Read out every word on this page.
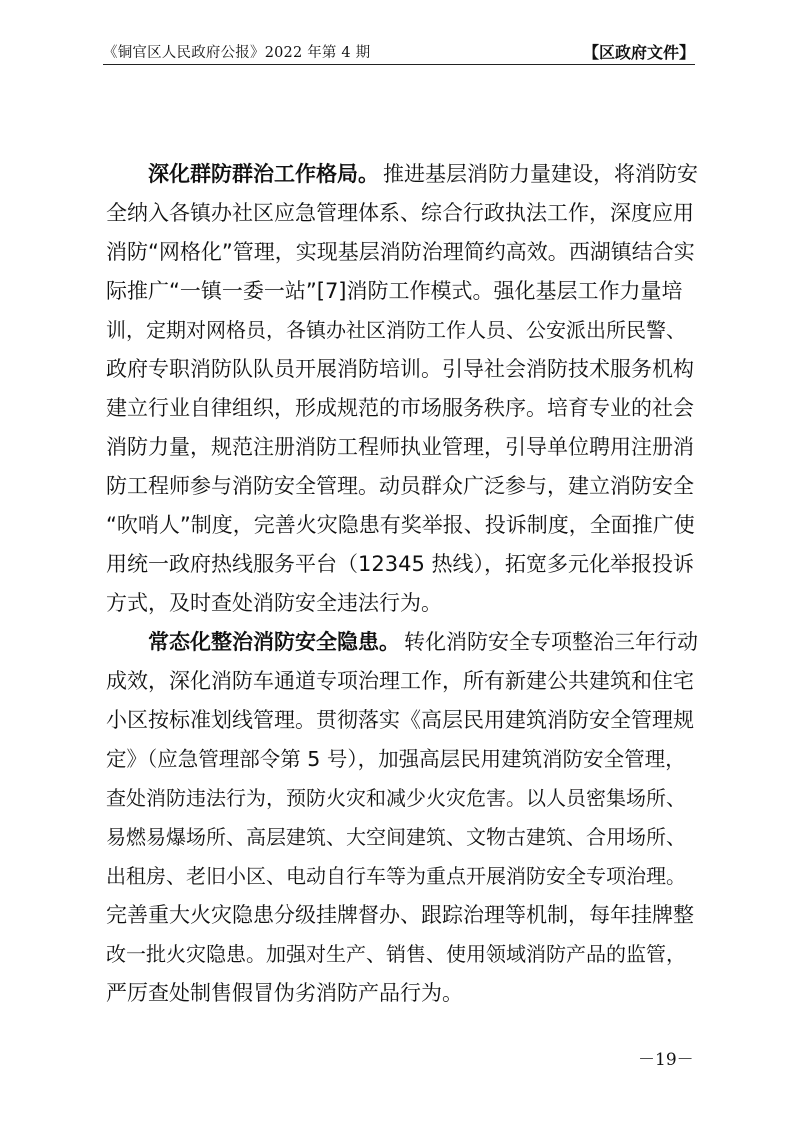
《铜官区人民政府公报》2022 年第 4 期	【区政府文件】
深化群防群治工作格局。 推进基层消防力量建设，将消防安
全纳入各镇办社区应急管理体系、综合行政执法工作，深度应用
消防“网格化”管理，实现基层消防治理简约高效。西湖镇结合实
际推广“一镇一委一站”[7]消防工作模式。强化基层工作力量培
训，定期对网格员，各镇办社区消防工作人员、公安派出所民警、
政府专职消防队队员开展消防培训。引导社会消防技术服务机构
建立行业自律组织，形成规范的市场服务秩序。培育专业的社会
消防力量，规范注册消防工程师执业管理，引导单位聘用注册消
防工程师参与消防安全管理。动员群众广泛参与，建立消防安全
“吹哨人”制度，完善火灾隐患有奖举报、投诉制度，全面推广使
用统一政府热线服务平台（12345 热线），拓宽多元化举报投诉
方式，及时查处消防安全违法行为。
常态化整治消防安全隐患。 转化消防安全专项整治三年行动
成效，深化消防车通道专项治理工作，所有新建公共建筑和住宅
小区按标准划线管理。贯彻落实《高层民用建筑消防安全管理规
定》（应急管理部令第 5 号），加强高层民用建筑消防安全管理，
查处消防违法行为，预防火灾和减少火灾危害。以人员密集场所、
易燃易爆场所、高层建筑、大空间建筑、文物古建筑、合用场所、
出租房、老旧小区、电动自行车等为重点开展消防安全专项治理。
完善重大火灾隐患分级挂牌督办、跟踪治理等机制，每年挂牌整
改一批火灾隐患。加强对生产、销售、使用领域消防产品的监管，
严厉查处制售假冒伪劣消防产品行为。
－19－
